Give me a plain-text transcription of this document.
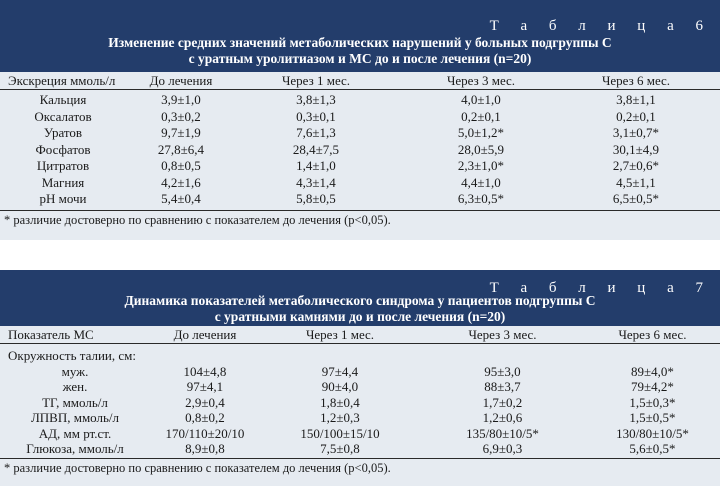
Т а б л и ц а 6
Изменение средних значений метаболических нарушений у больных подгруппы С
с уратным уролитиазом и МС до и после лечения (n=20)
Экскреция ммоль/л	До лечения	Через 1 мес.	Через 3 мес.	Через 6 мес.
Кальция	3,9±1,0	3,8±1,3	4,0±1,0	3,8±1,1
Оксалатов	0,3±0,2	0,3±0,1	0,2±0,1	0,2±0,1
Уратов	9,7±1,9	7,6±1,3	5,0±1,2*	3,1±0,7*
Фосфатов	27,8±6,4	28,4±7,5	28,0±5,9	30,1±4,9
Цитратов	0,8±0,5	1,4±1,0	2,3±1,0*	2,7±0,6*
Магния	4,2±1,6	4,3±1,4	4,4±1,0	4,5±1,1
pH мочи	5,4±0,4	5,8±0,5	6,3±0,5*	6,5±0,5*
* различие достоверно по сравнению с показателем до лечения (p<0,05).
Т а б л и ц а 7
Динамика показателей метаболического синдрома у пациентов подгруппы С
с уратными камнями до и после лечения (n=20)
Показатель МС	До лечения	Через 1 мес.	Через 3 мес.	Через 6 мес.
Окружность талии, см:
муж.	104±4,8	97±4,4	95±3,0	89±4,0*
жен.	97±4,1	90±4,0	88±3,7	79±4,2*
ТГ, ммоль/л	2,9±0,4	1,8±0,4	1,7±0,2	1,5±0,3*
ЛПВП, ммоль/л	0,8±0,2	1,2±0,3	1,2±0,6	1,5±0,5*
АД, мм рт.ст.	170/110±20/10	150/100±15/10	135/80±10/5*	130/80±10/5*
Глюкоза, ммоль/л	8,9±0,8	7,5±0,8	6,9±0,3	5,6±0,5*
* различие достоверно по сравнению с показателем до лечения (p<0,05).
